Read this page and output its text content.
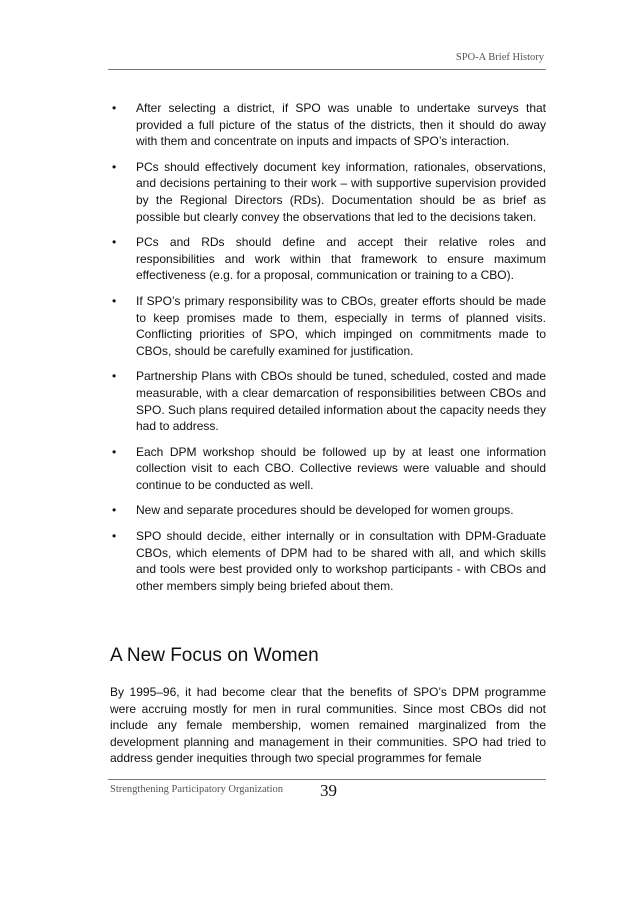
SPO-A Brief History
• After selecting a district, if SPO was unable to undertake surveys that provided a full picture of the status of the districts, then it should do away with them and concentrate on inputs and impacts of SPO’s interaction.
• PCs should effectively document key information, rationales, observations, and decisions pertaining to their work – with supportive supervision provided by the Regional Directors (RDs). Documentation should be as brief as possible but clearly convey the observations that led to the decisions taken.
• PCs and RDs should define and accept their relative roles and responsibilities and work within that framework to ensure maximum effectiveness (e.g. for a proposal, communication or training to a CBO).
• If SPO’s primary responsibility was to CBOs, greater efforts should be made to keep promises made to them, especially in terms of planned visits. Conflicting priorities of SPO, which impinged on commitments made to CBOs, should be carefully examined for justification.
• Partnership Plans with CBOs should be tuned, scheduled, costed and made measurable, with a clear demarcation of responsibilities between CBOs and SPO. Such plans required detailed information about the capacity needs they had to address.
• Each DPM workshop should be followed up by at least one information collection visit to each CBO. Collective reviews were valuable and should continue to be conducted as well.
• New and separate procedures should be developed for women groups.
• SPO should decide, either internally or in consultation with DPM-Graduate CBOs, which elements of DPM had to be shared with all, and which skills and tools were best provided only to workshop participants - with CBOs and other members simply being briefed about them.
A New Focus on Women

By 1995–96, it had become clear that the benefits of SPO’s DPM programme were accruing mostly for men in rural communities. Since most CBOs did not include any female membership, women remained marginalized from the development planning and management in their communities. SPO had tried to address gender inequities through two special programmes for female

Strengthening Participatory Organization 39
